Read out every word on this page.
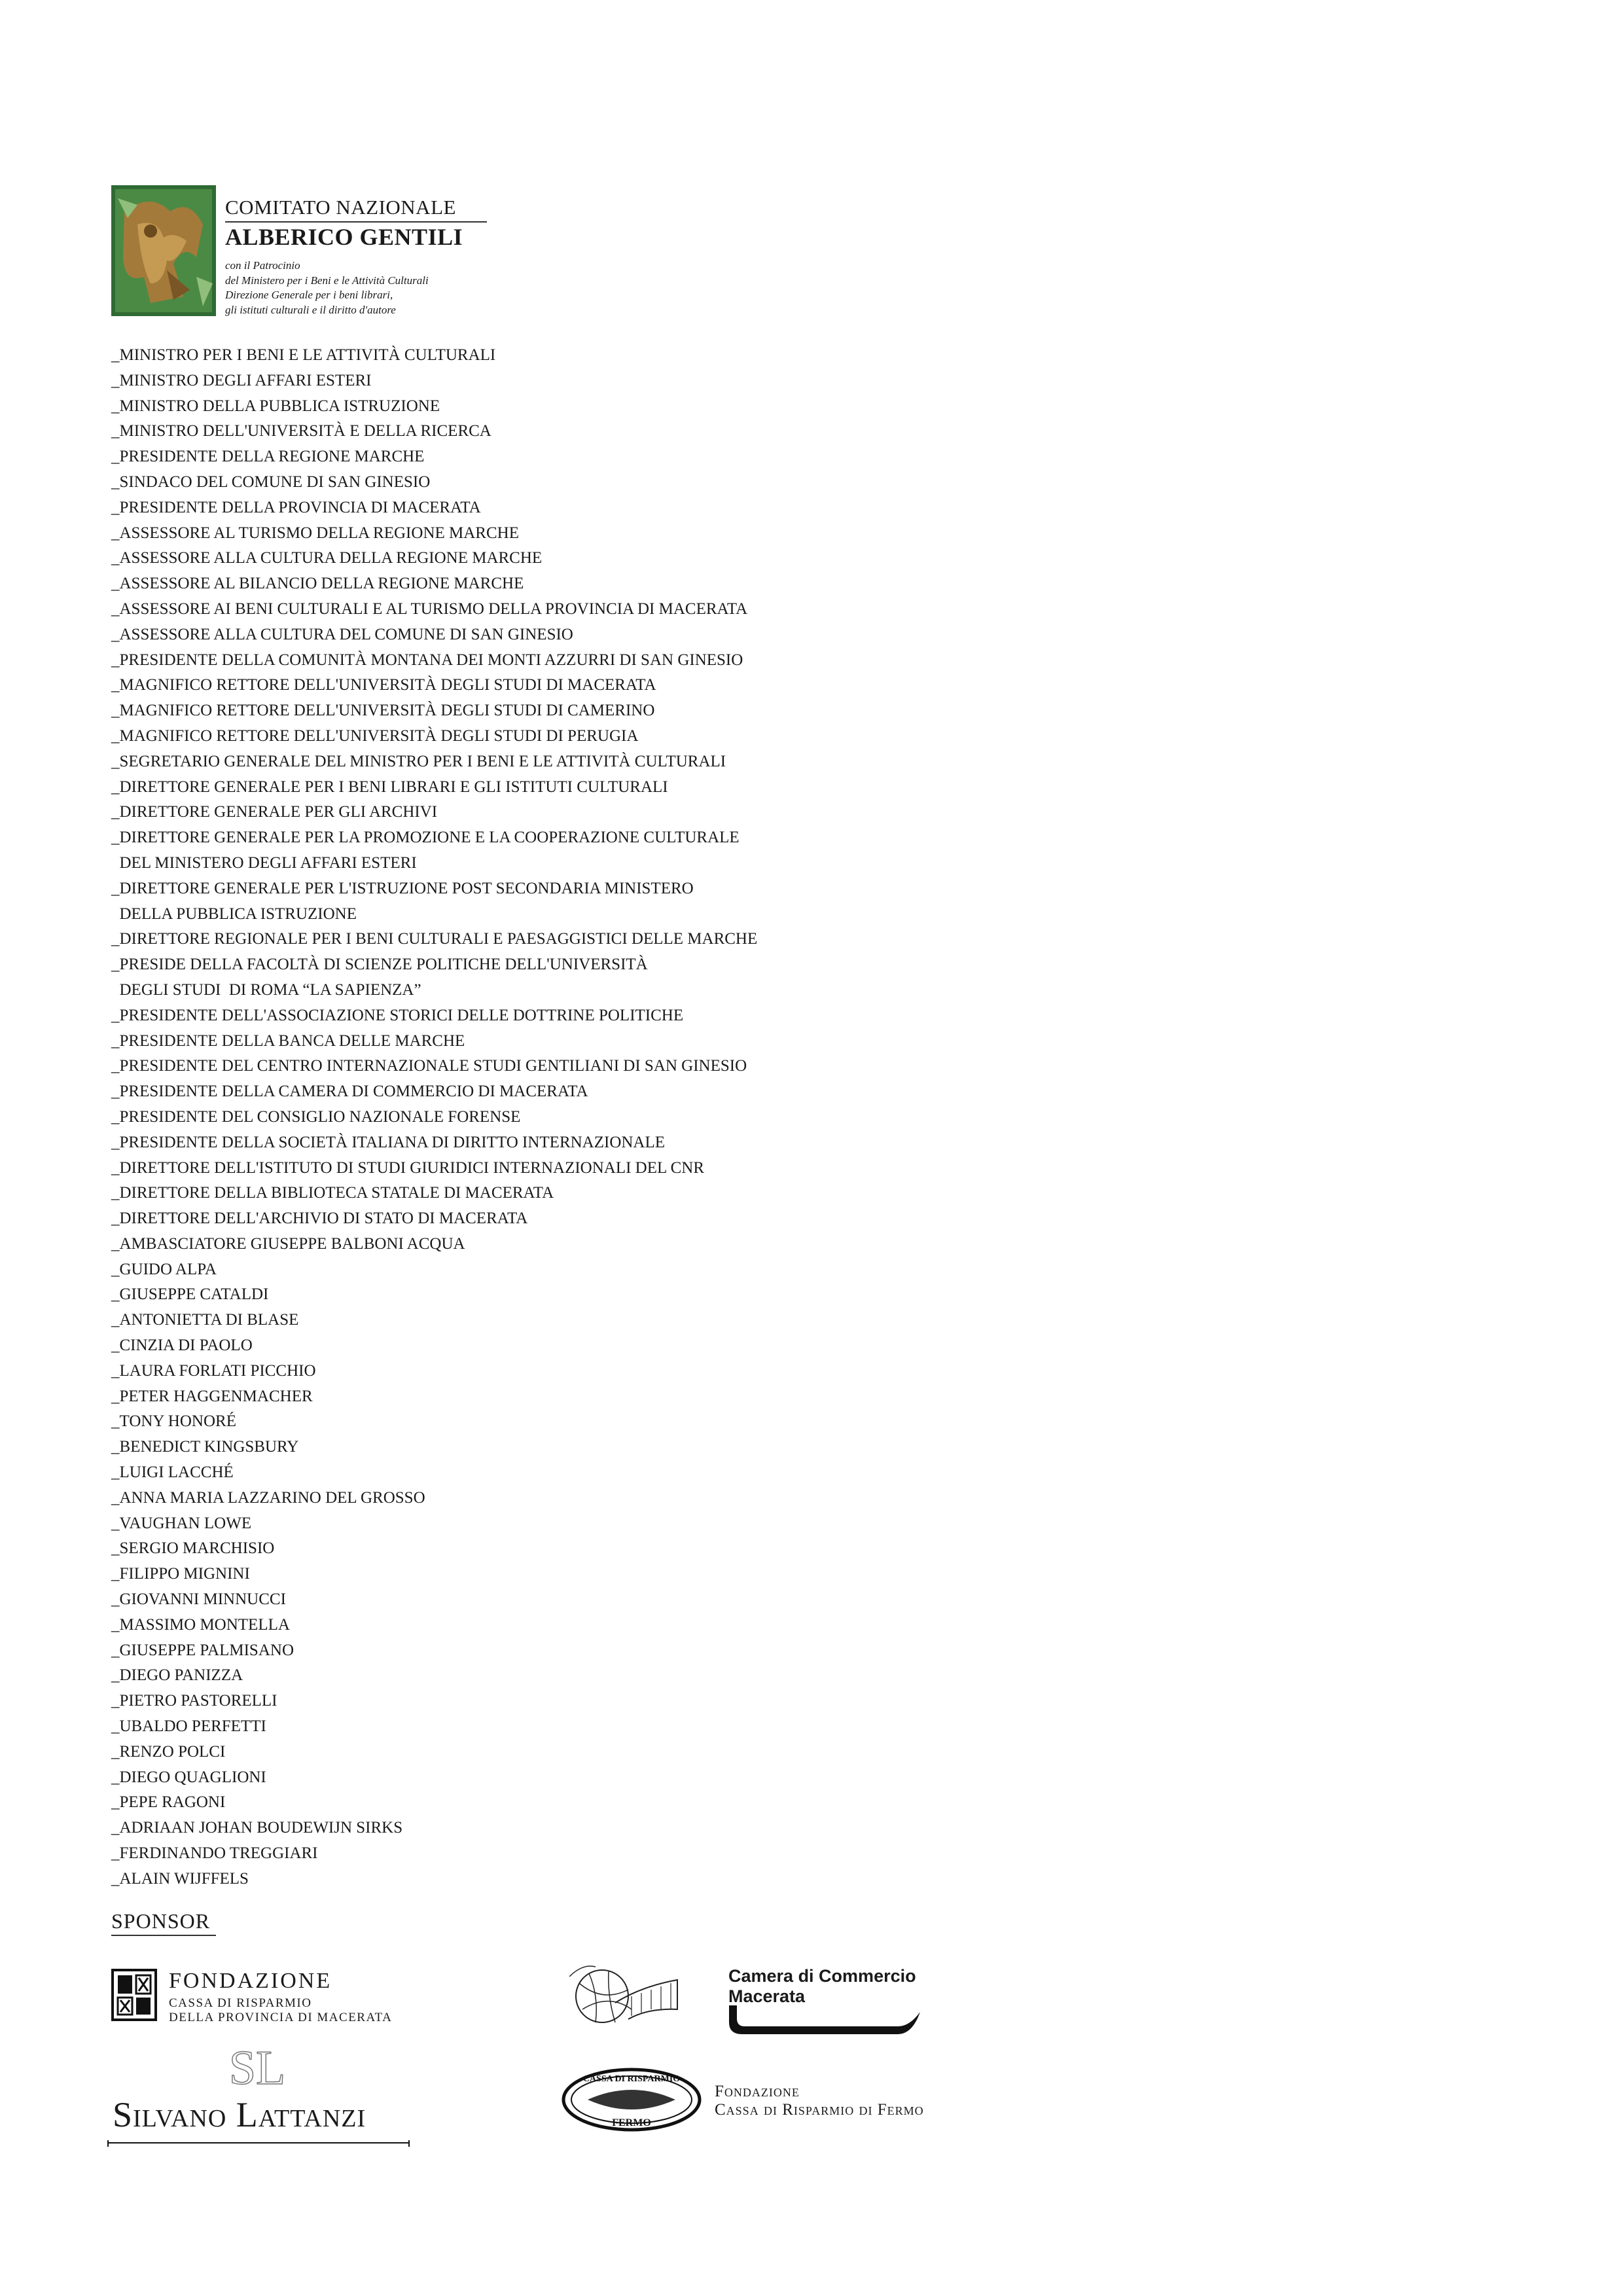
COMITATO NAZIONALE
ALBERICO GENTILI
con il Patrocinio
del Ministero per i Beni e le Attività Culturali
Direzione Generale per i beni librari,
gli istituti culturali e il diritto d'autore
_MINISTRO PER I BENI E LE ATTIVITÀ CULTURALI
_MINISTRO DEGLI AFFARI ESTERI
_MINISTRO DELLA PUBBLICA ISTRUZIONE
_MINISTRO DELL'UNIVERSITÀ E DELLA RICERCA
_PRESIDENTE DELLA REGIONE MARCHE
_SINDACO DEL COMUNE DI SAN GINESIO
_PRESIDENTE DELLA PROVINCIA DI MACERATA
_ASSESSORE AL TURISMO DELLA REGIONE MARCHE
_ASSESSORE ALLA CULTURA DELLA REGIONE MARCHE
_ASSESSORE AL BILANCIO DELLA REGIONE MARCHE
_ASSESSORE AI BENI CULTURALI E AL TURISMO DELLA PROVINCIA DI MACERATA
_ASSESSORE ALLA CULTURA DEL COMUNE DI SAN GINESIO
_PRESIDENTE DELLA COMUNITÀ MONTANA DEI MONTI AZZURRI DI SAN GINESIO
_MAGNIFICO RETTORE DELL'UNIVERSITÀ DEGLI STUDI DI MACERATA
_MAGNIFICO RETTORE DELL'UNIVERSITÀ DEGLI STUDI DI CAMERINO
_MAGNIFICO RETTORE DELL'UNIVERSITÀ DEGLI STUDI DI PERUGIA
_SEGRETARIO GENERALE DEL MINISTRO PER I BENI E LE ATTIVITÀ CULTURALI
_DIRETTORE GENERALE PER I BENI LIBRARI E GLI ISTITUTI CULTURALI
_DIRETTORE GENERALE PER GLI ARCHIVI
_DIRETTORE GENERALE PER LA PROMOZIONE E LA COOPERAZIONE CULTURALE
DEL MINISTERO DEGLI AFFARI ESTERI
_DIRETTORE GENERALE PER L'ISTRUZIONE POST SECONDARIA MINISTERO
DELLA PUBBLICA ISTRUZIONE
_DIRETTORE REGIONALE PER I BENI CULTURALI E PAESAGGISTICI DELLE MARCHE
_PRESIDE DELLA FACOLTÀ DI SCIENZE POLITICHE DELL'UNIVERSITÀ
DEGLI STUDI  DI ROMA “LA SAPIENZA”
_PRESIDENTE DELL'ASSOCIAZIONE STORICI DELLE DOTTRINE POLITICHE
_PRESIDENTE DELLA BANCA DELLE MARCHE
_PRESIDENTE DEL CENTRO INTERNAZIONALE STUDI GENTILIANI DI SAN GINESIO
_PRESIDENTE DELLA CAMERA DI COMMERCIO DI MACERATA
_PRESIDENTE DEL CONSIGLIO NAZIONALE FORENSE
_PRESIDENTE DELLA SOCIETÀ ITALIANA DI DIRITTO INTERNAZIONALE
_DIRETTORE DELL'ISTITUTO DI STUDI GIURIDICI INTERNAZIONALI DEL CNR
_DIRETTORE DELLA BIBLIOTECA STATALE DI MACERATA
_DIRETTORE DELL'ARCHIVIO DI STATO DI MACERATA
_AMBASCIATORE GIUSEPPE BALBONI ACQUA
_GUIDO ALPA
_GIUSEPPE CATALDI
_ANTONIETTA DI BLASE
_CINZIA DI PAOLO
_LAURA FORLATI PICCHIO
_PETER HAGGENMACHER
_TONY HONORÉ
_BENEDICT KINGSBURY
_LUIGI LACCHÉ
_ANNA MARIA LAZZARINO DEL GROSSO
_VAUGHAN LOWE
_SERGIO MARCHISIO
_FILIPPO MIGNINI
_GIOVANNI MINNUCCI
_MASSIMO MONTELLA
_GIUSEPPE PALMISANO
_DIEGO PANIZZA
_PIETRO PASTORELLI
_UBALDO PERFETTI
_RENZO POLCI
_DIEGO QUAGLIONI
_PEPE RAGONI
_ADRIAAN JOHAN BOUDEWIJN SIRKS
_FERDINANDO TREGGIARI
_ALAIN WIJFFELS
SPONSOR
FONDAZIONE
CASSA DI RISPARMIO
DELLA PROVINCIA DI MACERATA
SL
Silvano Lattanzi
Camera di Commercio
Macerata
CASSA DI RISPARMIO
FERMO
Fondazione
Cassa di Risparmio di Fermo
